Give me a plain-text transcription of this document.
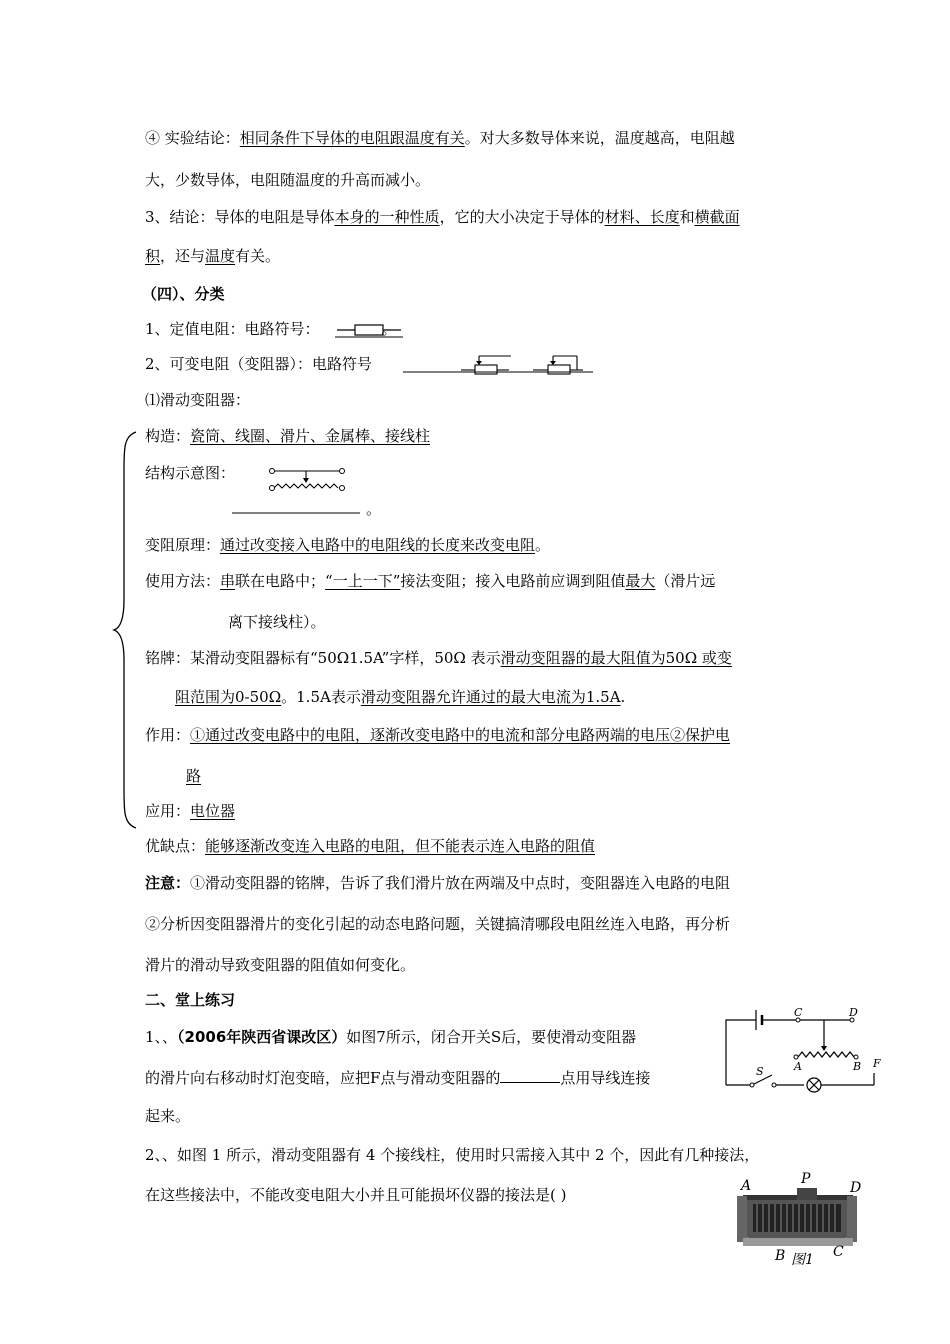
④ 实验结论：相同条件下导体的电阻跟温度有关。对大多数导体来说，温度越高，电阻越
大，少数导体，电阻随温度的升高而减小。
3、结论：导体的电阻是导体本身的一种性质，它的大小决定于导体的材料、长度和横截面
积，还与温度有关。
（四）、分类
1、定值电阻：电路符号：	。
2、可变电阻（变阻器）：电路符号
⑴滑动变阻器：
构造：瓷筒、线圈、滑片、金属棒、接线柱
结构示意图：
。
变阻原理：通过改变接入电路中的电阻线的长度来改变电阻。
使用方法：串联在电路中；“一上一下”接法变阻；接入电路前应调到阻值最大（滑片远
离下接线柱）。
铭牌：某滑动变阻器标有“50Ω1.5A”字样，50Ω 表示滑动变阻器的最大阻值为50Ω 或变
阻范围为0-50Ω。1.5A表示滑动变阻器允许通过的最大电流为1.5A.
作用：①通过改变电路中的电阻，逐渐改变电路中的电流和部分电路两端的电压②保护电
路
应用：电位器
优缺点：能够逐渐改变连入电路的电阻，但不能表示连入电路的阻值
注意：①滑动变阻器的铭牌，告诉了我们滑片放在两端及中点时，变阻器连入电路的电阻
②分析因变阻器滑片的变化引起的动态电路问题，关键搞清哪段电阻丝连入电路，再分析
滑片的滑动导致变阻器的阻值如何变化。
二、堂上练习
1、、（2006年陕西省课改区）如图7所示，闭合开关S后，要使滑动变阻器
的滑片向右移动时灯泡变暗，应把F点与滑动变阻器的	点用导线连接
起来。
C	D
A	B
S
F
2、、如图 1 所示，滑动变阻器有 4 个接线柱，使用时只需接入其中 2 个，因此有几种接法，
在这些接法中，不能改变电阻大小并且可能损坏仪器的接法是( )	A	P
D
B	C
图1
